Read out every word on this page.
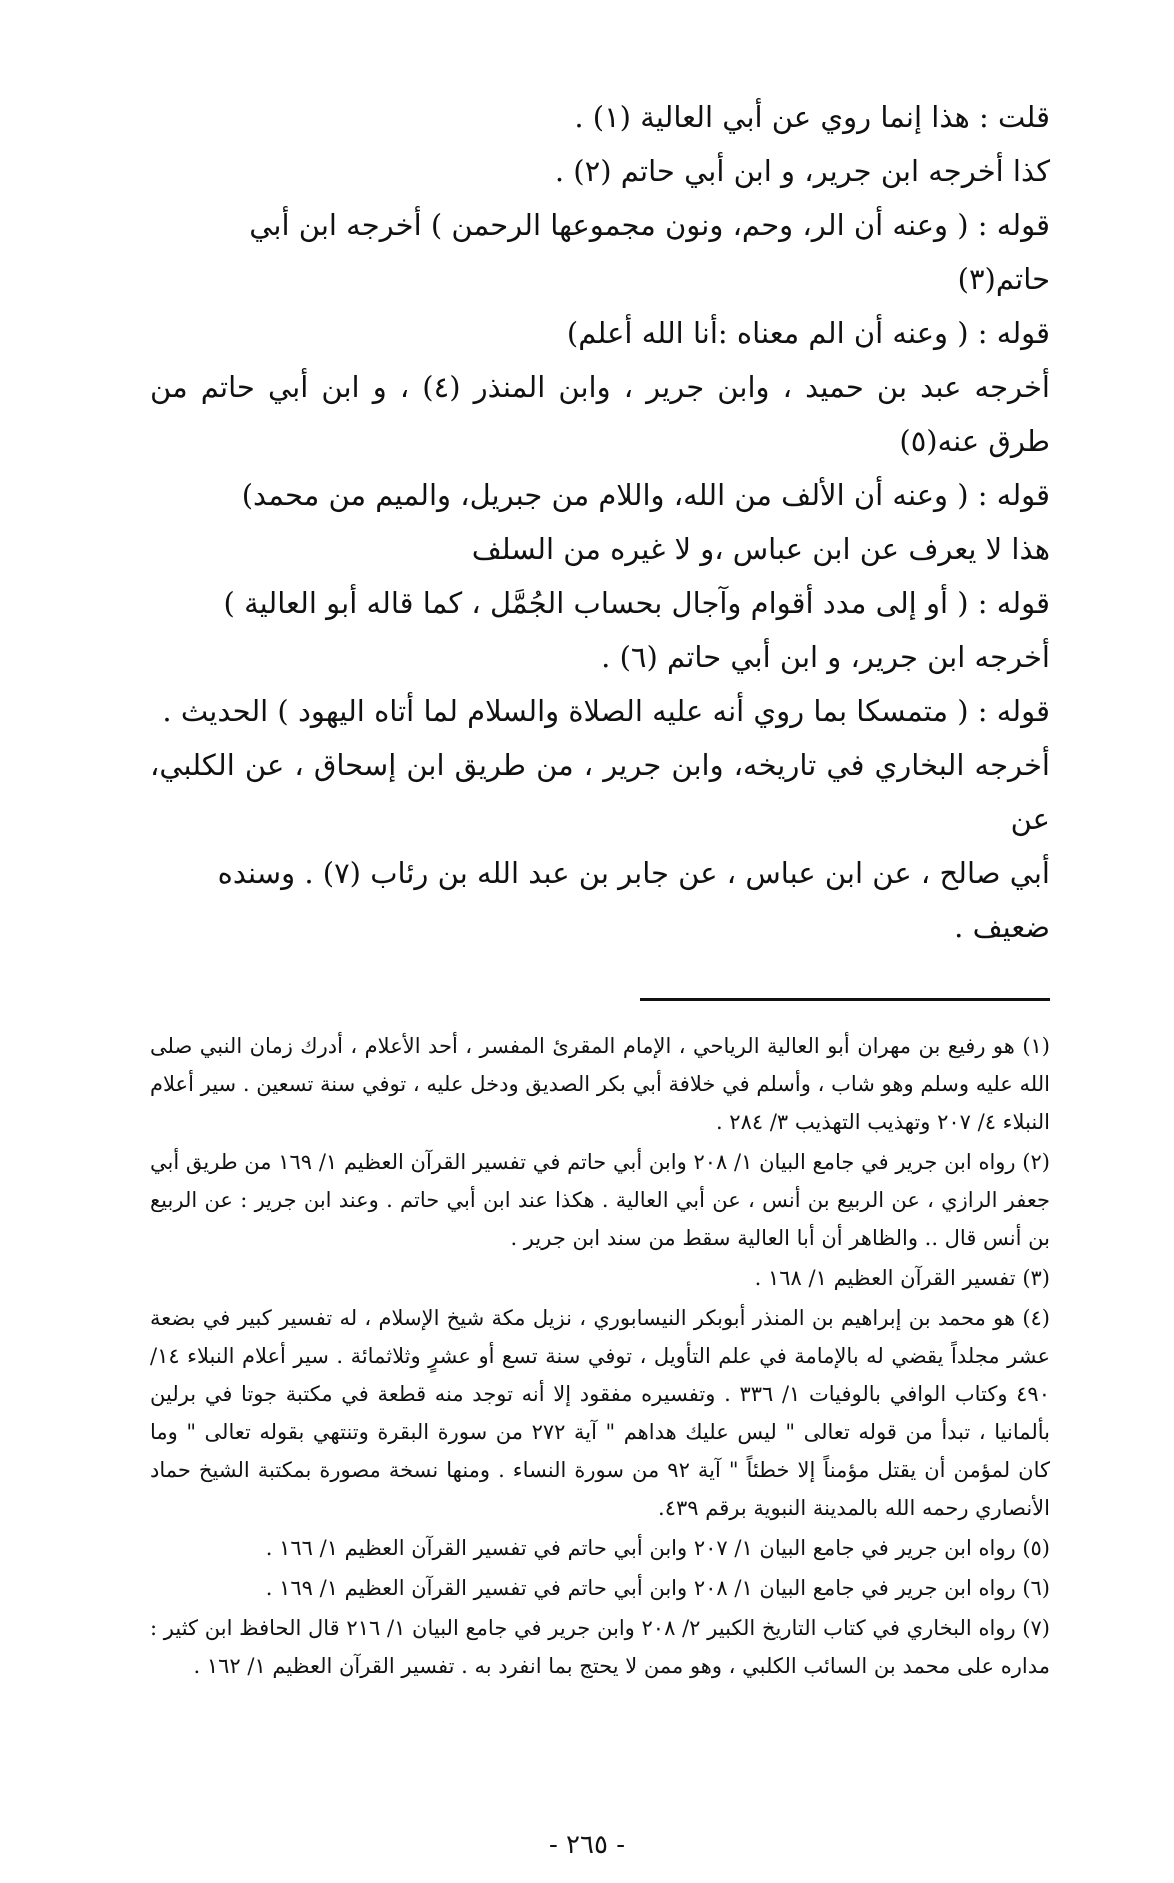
قلت : هذا إنما روي عن أبي العالية (١) .

كذا أخرجه ابن جرير، و ابن أبي حاتم (٢) .

قوله : ( وعنه أن الر، وحم، ونون مجموعها الرحمن ) أخرجه ابن أبي حاتم(٣)

قوله : ( وعنه أن الم معناه :أنا الله أعلم)

أخرجه عبد بن حميد ، وابن جرير ، وابن المنذر (٤) ، و ابن أبي حاتم من

طرق عنه(٥)

قوله : ( وعنه أن الألف من الله، واللام من جبريل، والميم من محمد)

هذا لا يعرف عن ابن عباس ،و لا غيره من السلف

قوله : ( أو إلى مدد أقوام وآجال بحساب الجُمَّل ، كما قاله أبو العالية )

أخرجه ابن جرير، و ابن أبي حاتم (٦) .

قوله : ( متمسكا بما روي أنه عليه الصلاة والسلام لما أتاه اليهود ) الحديث .

أخرجه البخاري في تاريخه، وابن جرير ، من طريق ابن إسحاق ، عن الكلبي، عن

أبي صالح ، عن ابن عباس ، عن جابر بن عبد الله بن رئاب (٧) . وسنده ضعيف .

(١) هو رفيع بن مهران أبو العالية الرياحي ، الإمام المقرئ المفسر ، أحد الأعلام ، أدرك زمان النبي صلى الله عليه وسلم وهو شاب ، وأسلم في خلافة أبي بكر الصديق ودخل عليه ، توفي سنة تسعين . سير أعلام النبلاء ٤/ ٢٠٧ وتهذيب التهذيب ٣/ ٢٨٤ .

(٢) رواه ابن جرير في جامع البيان ١/ ٢٠٨ وابن أبي حاتم في تفسير القرآن العظيم ١/ ١٦٩ من طريق أبي جعفر الرازي ، عن الربيع بن أنس ، عن أبي العالية . هكذا عند ابن أبي حاتم . وعند ابن جرير : عن الربيع بن أنس قال .. والظاهر أن أبا العالية سقط من سند ابن جرير .

(٣) تفسير القرآن العظيم ١/ ١٦٨ .

(٤) هو محمد بن إبراهيم بن المنذر أبوبكر النيسابوري ، نزيل مكة شيخ الإسلام ، له تفسير كبير في بضعة عشر مجلداً يقضي له بالإمامة في علم التأويل ، توفي سنة تسع أو عشرٍ وثلاثمائة . سير أعلام النبلاء ١٤/ ٤٩٠ وكتاب الوافي بالوفيات ١/ ٣٣٦ . وتفسيره مفقود إلا أنه توجد منه قطعة في مكتبة جوتا في برلين بألمانيا ، تبدأ من قوله تعالى " ليس عليك هداهم " آية ٢٧٢ من سورة البقرة وتنتهي بقوله تعالى " وما كان لمؤمن أن يقتل مؤمناً إلا خطئاً " آية ٩٢ من سورة النساء . ومنها نسخة مصورة بمكتبة الشيخ حماد الأنصاري رحمه الله بالمدينة النبوية برقم ٤٣٩.

(٥) رواه ابن جرير في جامع البيان ١/ ٢٠٧ وابن أبي حاتم في تفسير القرآن العظيم ١/ ١٦٦ .

(٦) رواه ابن جرير في جامع البيان ١/ ٢٠٨ وابن أبي حاتم في تفسير القرآن العظيم ١/ ١٦٩ .

(٧) رواه البخاري في كتاب التاريخ الكبير ٢/ ٢٠٨ وابن جرير في جامع البيان ١/ ٢١٦ قال الحافظ ابن كثير : مداره على محمد بن السائب الكلبي ، وهو ممن لا يحتج بما انفرد به . تفسير القرآن العظيم ١/ ١٦٢ .

- ٢٦٥ -
